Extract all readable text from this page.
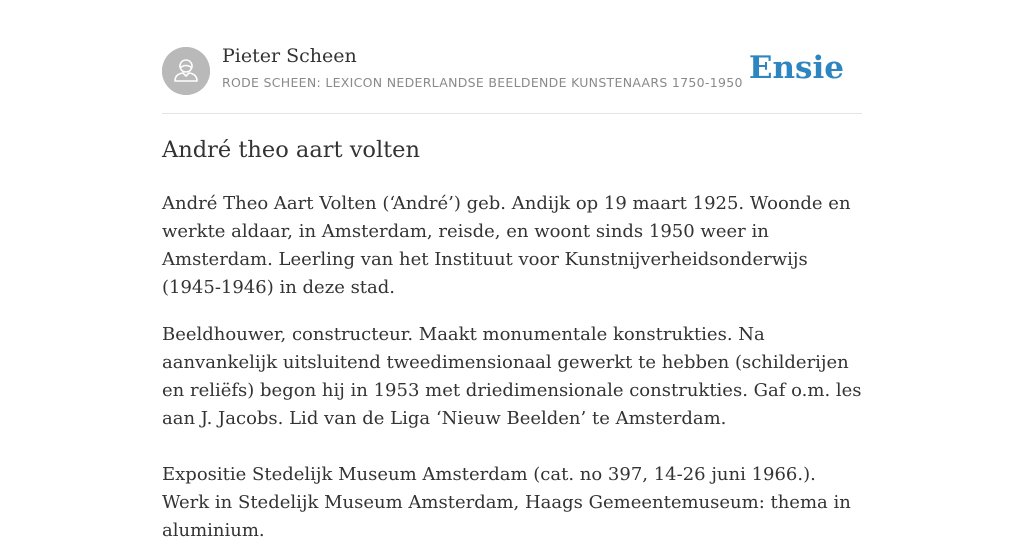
Pieter Scheen
RODE SCHEEN: LEXICON NEDERLANDSE BEELDENDE KUNSTENAARS 1750-1950 Ensie
André theo aart volten

André Theo Aart Volten (‘André’) geb. Andijk op 19 maart 1925. Woonde en werkte aldaar, in Amsterdam, reisde, en woont sinds 1950 weer in Amsterdam. Leerling van het Instituut voor Kunstnijverheidsonderwijs (1945-1946) in deze stad.

Beeldhouwer, constructeur. Maakt monumentale konstrukties. Na aanvankelijk uitsluitend tweedimensionaal gewerkt te hebben (schilderijen en reliëfs) begon hij in 1953 met driedimensionale construkties. Gaf o.m. les aan J. Jacobs. Lid van de Liga ‘Nieuw Beelden’ te Amsterdam.

Expositie Stedelijk Museum Amsterdam (cat. no 397, 14-26 juni 1966.). Werk in Stedelijk Museum Amsterdam, Haags Gemeentemuseum: thema in aluminium.
